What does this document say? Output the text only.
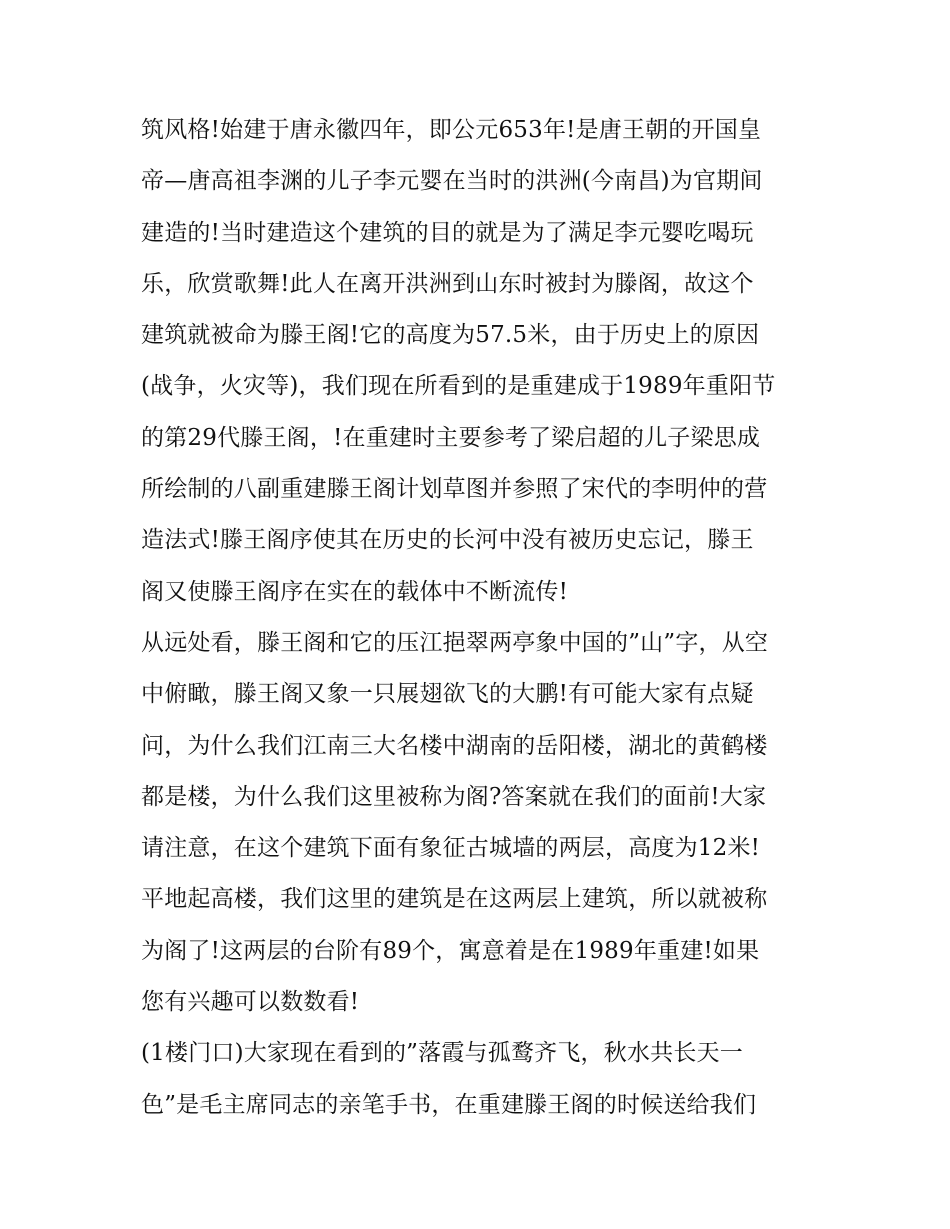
筑风格!始建于唐永徽四年，即公元653年!是唐王朝的开国皇
帝—唐高祖李渊的儿子李元婴在当时的洪洲(今南昌)为官期间
建造的!当时建造这个建筑的目的就是为了满足李元婴吃喝玩
乐，欣赏歌舞!此人在离开洪洲到山东时被封为滕阁，故这个
建筑就被命为滕王阁!它的高度为57.5米，由于历史上的原因
(战争，火灾等)，我们现在所看到的是重建成于1989年重阳节
的第29代滕王阁，!在重建时主要参考了梁启超的儿子梁思成
所绘制的八副重建滕王阁计划草图并参照了宋代的李明仲的营
造法式!滕王阁序使其在历史的长河中没有被历史忘记，滕王
阁又使滕王阁序在实在的载体中不断流传!
从远处看，滕王阁和它的压江挹翠两亭象中国的”山”字，从空
中俯瞰，滕王阁又象一只展翅欲飞的大鹏!有可能大家有点疑
问，为什么我们江南三大名楼中湖南的岳阳楼，湖北的黄鹤楼
都是楼，为什么我们这里被称为阁?答案就在我们的面前!大家
请注意，在这个建筑下面有象征古城墙的两层，高度为12米!
平地起高楼，我们这里的建筑是在这两层上建筑，所以就被称
为阁了!这两层的台阶有89个，寓意着是在1989年重建!如果
您有兴趣可以数数看!
(1楼门口)大家现在看到的”落霞与孤鹜齐飞，秋水共长天一
色”是毛主席同志的亲笔手书，在重建滕王阁的时候送给我们
